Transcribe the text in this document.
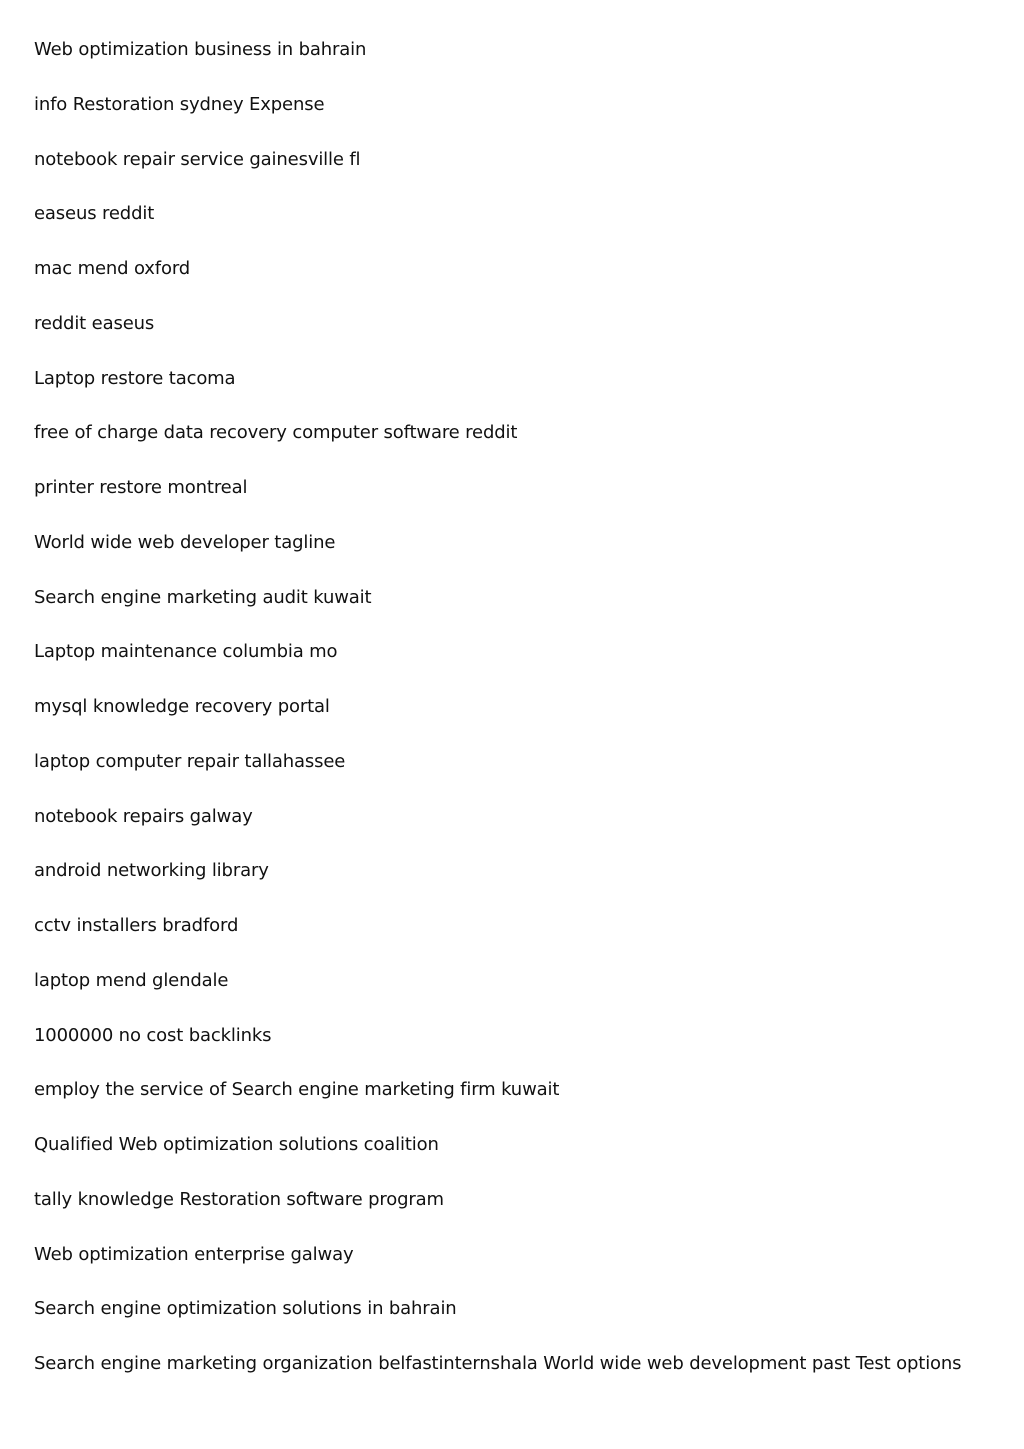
Web optimization business in bahrain
info Restoration sydney Expense
notebook repair service gainesville fl
easeus reddit
mac mend oxford
reddit easeus
Laptop restore tacoma
free of charge data recovery computer software reddit
printer restore montreal
World wide web developer tagline
Search engine marketing audit kuwait
Laptop maintenance columbia mo
mysql knowledge recovery portal
laptop computer repair tallahassee
notebook repairs galway
android networking library
cctv installers bradford
laptop mend glendale
1000000 no cost backlinks
employ the service of Search engine marketing firm kuwait
Qualified Web optimization solutions coalition
tally knowledge Restoration software program
Web optimization enterprise galway
Search engine optimization solutions in bahrain
Search engine marketing organization belfastinternshala World wide web development past Test options
